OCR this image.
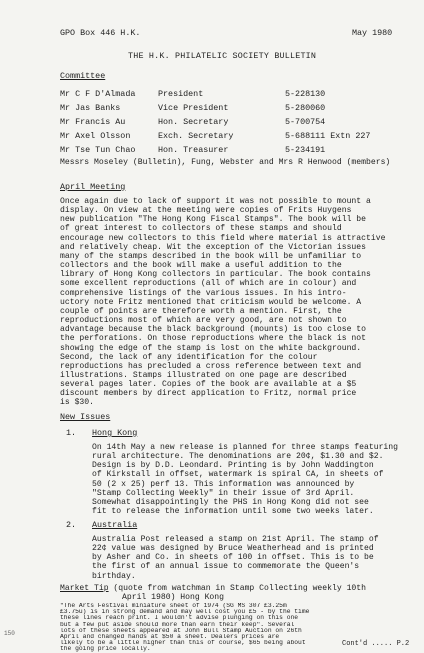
GPO Box 446 H.K.	May 1980
THE H.K. PHILATELIC SOCIETY BULLETIN
Committee
Mr C F D'Almada	President	5-228130
Mr Jas Banks	Vice President	5-280060
Mr Francis Au	Hon. Secretary	5-700754
Mr Axel Olsson	Exch. Secretary	5-688111 Extn 227
Mr Tse Tun Chao	Hon. Treasurer	5-234191
Messrs Moseley (Bulletin), Fung, Webster and Mrs R Henwood (members)
April Meeting
Once again due to lack of support it was not possible to mount a
display. On view at the meeting were copies of Frits Huygens
new publication "The Hong Kong Fiscal Stamps". The book will be
of great interest to collectors of these stamps and should
encourage new collectors to this field where material is attractive
and relatively cheap. Wit the exception of the Victorian issues
many of the stamps described in the book will be unfamiliar to
collectors and the book will make a useful addition to the
library of Hong Kong collectors in particular. The book contains
some excellent reproductions (all of which are in colour) and
comprehensive listings of the various issues. In his intro-
uctory note Fritz mentioned that criticism would be welcome. A
couple of points are therefore worth a mention. First, the
reproductions most of which are very good, are not shown to
advantage because the black background (mounts) is too close to
the perforations. On those reproductions where the black is not
showing the edge of the stamp is lost on the white background.
Second, the lack of any identification for the colour
reproductions has precluded a cross reference between text and
illustrations. Stamps illustrated on one page are described
several pages later. Copies of the book are available at a $5
discount members by direct application to Fritz, normal price
is $30.
New Issues
1. Hong Kong
On 14th May a new release is planned for three stamps featuring
rural architecture. The denominations are 20¢, $1.30 and $2.
Design is by D.D. Leondard. Printing is by John Waddington
of Kirkstall in offset, watermark is spiral CA, in sheets of
50 (2 x 25) perf 13. This information was announced by
"Stamp Collecting Weekly" in their issue of 3rd April.
Somewhat disappointingly the PHS in Hong Kong did not see
fit to release the information until some two weeks later.
2. Australia
Australia Post released a stamp on 21st April. The stamp of
22¢ value was designed by Bruce Weatherhead and is printed
by Asher and Co. in sheets of 100 in offset. This is to be
the first of an annual issue to commemorate the Queen's
birthday.
Market Tip (quote from watchman in Stamp Collecting weekly 10th
April 1980) Hong Kong
"The Arts Festival miniature sheet of 1974 (SG MS 307 £3.25m
£3.75u) is in strong demand and may well cost you £5 - by the time
these lines reach print. I wouldn't advise plunging on this one
but a few put aside should more than earn their keep". Several
lots of these sheets appeared at John Bull Stamp Auction on 26th
April and changed hands at $50 a sheet. Dealers prices are
likely to be a little higher than this of course, $65 being about
the going price locally.
Cont'd ..... P.2
150
